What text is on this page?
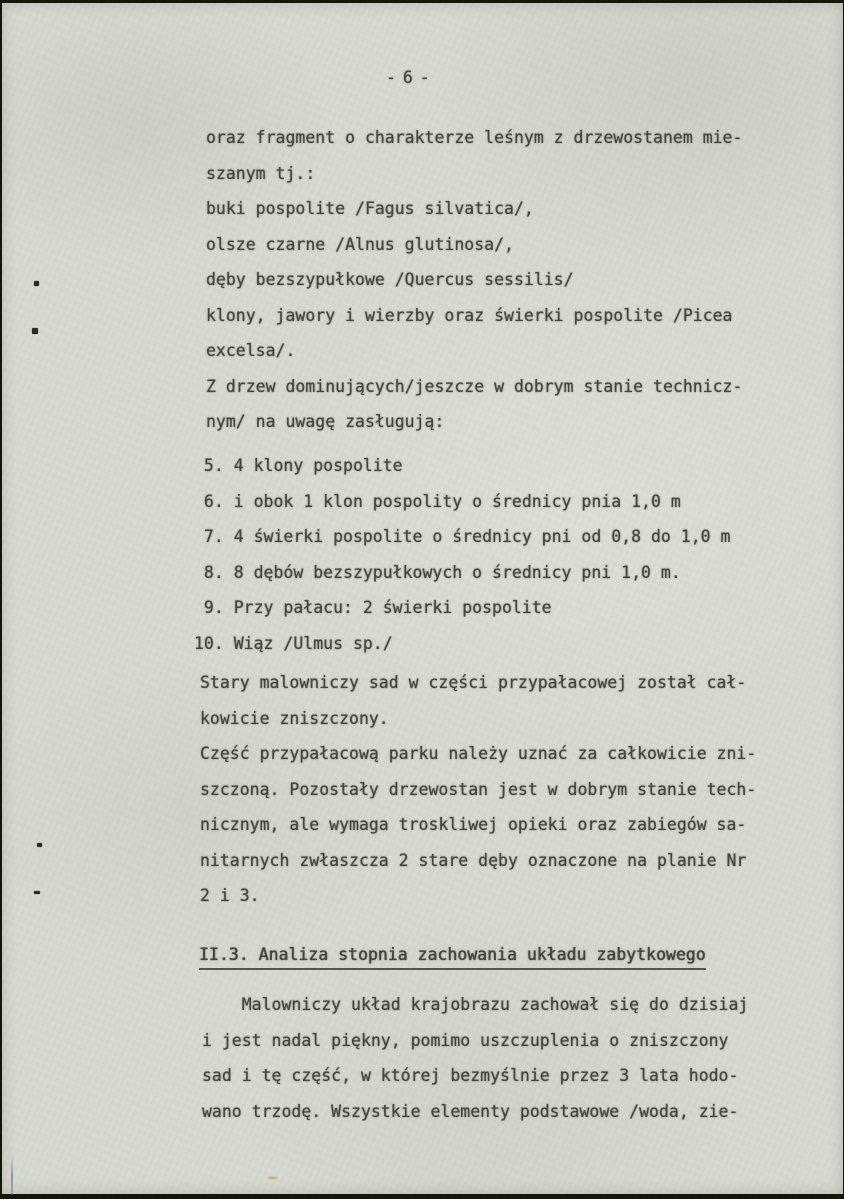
- 6 -
oraz fragment o charakterze leśnym z drzewostanem mie-
szanym tj.:
buki pospolite /Fagus silvatica/,
olsze czarne /Alnus glutinosa/,
dęby bezszypułkowe /Quercus sessilis/
klony, jawory i wierzby oraz świerki pospolite /Picea
excelsa/.
Z drzew dominujących/jeszcze w dobrym stanie technicz-
nym/ na uwagę zasługują:
5. 4 klony pospolite
6. i obok 1 klon pospolity o średnicy pnia 1,0 m
7. 4 świerki pospolite o średnicy pni od 0,8 do 1,0 m
8. 8 dębów bezszypułkowych o średnicy pni 1,0 m.
9. Przy pałacu: 2 świerki pospolite
10. Wiąz /Ulmus sp./
Stary malowniczy sad w części przypałacowej został cał-
kowicie zniszczony.
Część przypałacową parku należy uznać za całkowicie zni-
szczoną. Pozostały drzewostan jest w dobrym stanie tech-
nicznym, ale wymaga troskliwej opieki oraz zabiegów sa-
nitarnych zwłaszcza 2 stare dęby oznaczone na planie Nr
2 i 3.
II.3. Analiza stopnia zachowania układu zabytkowego
Malowniczy układ krajobrazu zachował się do dzisiaj
i jest nadal piękny, pomimo uszczuplenia o zniszczony
sad i tę część, w której bezmyślnie przez 3 lata hodo-
wano trzodę. Wszystkie elementy podstawowe /woda, zie-
